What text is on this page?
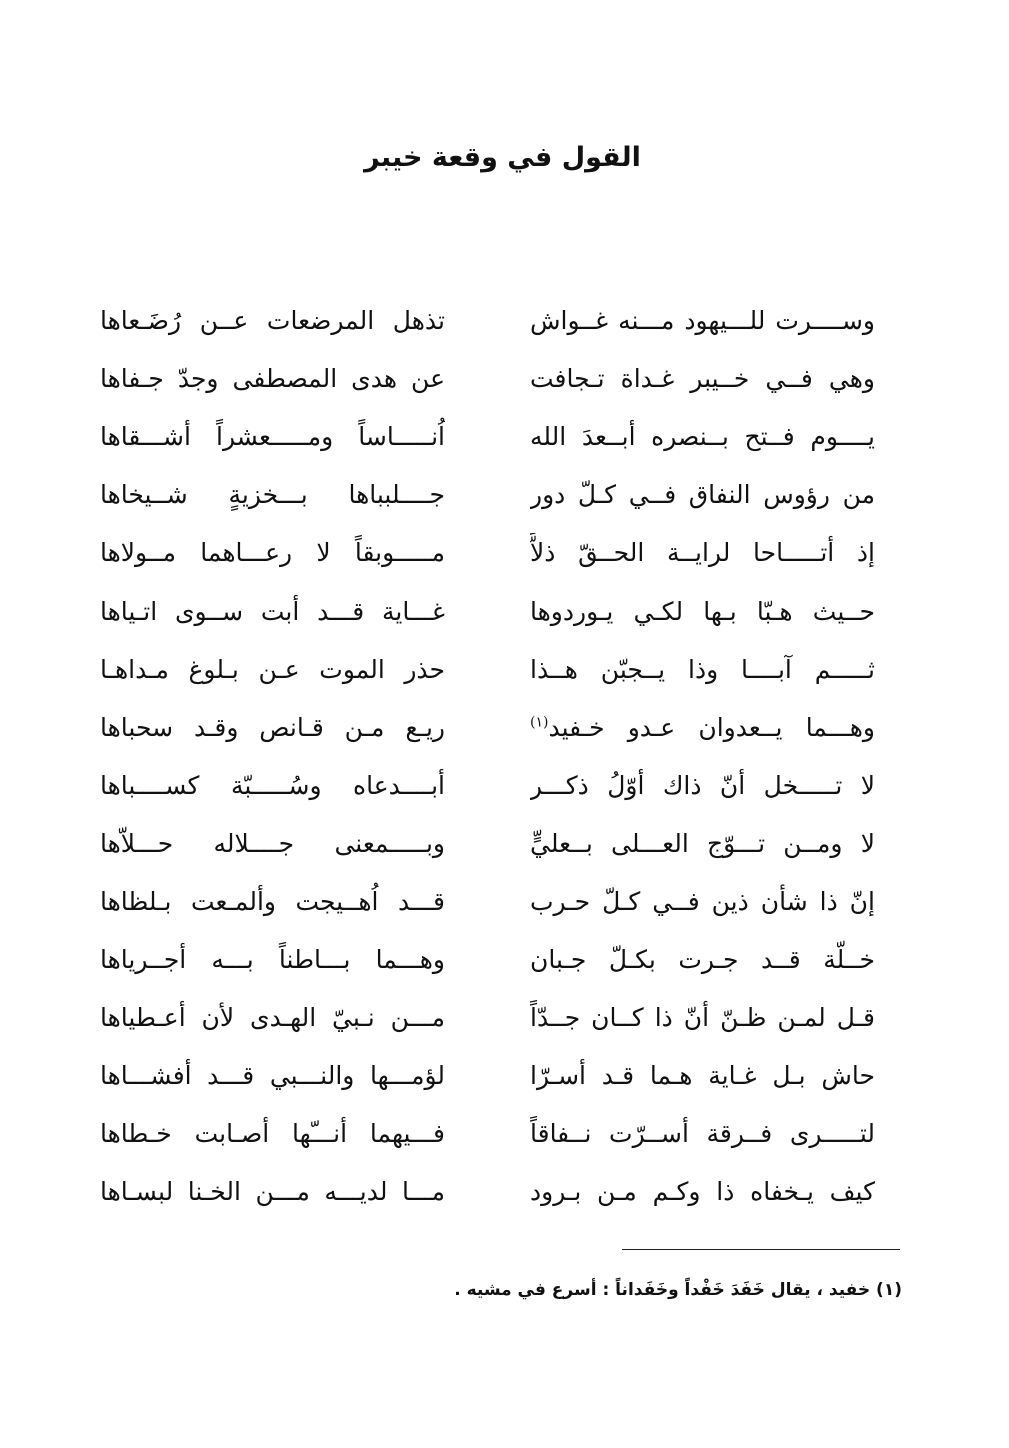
القول في وقعة خيبر
وســــرت للـــيهود مـــنه غــواش
تذهل المرضعات عــن رُضَـعاها
وهي فــي خــيبر غـداة تـجافت
عن هدى المصطفى وجدّ جـفاها
يــــوم فــتح بــنصره أبــعدَ الله
اُنـــــاساً ومـــــعشراً أشـــقاها
من رؤوس النفاق فــي كـلّ دور
جــــلبباها بـــخزيةٍ شــيخاها
إذ أتـــــاحا لرايــة الحــقّ ذلاًّ
مـــــوبقاً لا رعـــاهما مــولاها
حــيث هـبّا بـها لكـي يـوردوها
غـــاية قـــد أبت ســوى اتـياها
ثـــــم آبــــا وذا يــجبّن هــذا
حذر الموت عـن بـلوغ مـداهـا
وهـــما يــعدوان عـدو خـفيد$^{(١)}$
ريـع مـن قـانص وقـد سحباها
لا تـــــخل أنّ ذاك أوّلُ ذكـــر
أبــــدعاه وسُـــــبّة كســــباها
لا ومــن تـــوّج العـــلى بــعليٍّ
وبـــــمعنى جــــلاله حـــلاّها
إنّ ذا شأن ذين فــي كـلّ حـرب
قـــد اُهــيجت وألمـعت بـلظاها
خــلّة قــد جـرت بكـلّ جـبان
وهـــما بـــاطناً بـــه أجــرياها
قـل لمـن ظـنّ أنّ ذا كــان جــدّاً
مـــن نـبيّ الهـدى لأن أعـطياها
حاش بـل غـاية هـما قـد أسـرّا
لؤمـــها والنـــبي قـــد أفشـــاها
لتـــــرى فــرقة أســرّت نــفاقاً
فـــيهما أنـــّها أصـابت خـطاها
كيف يـخفاه ذا وكـم مـن بـرود
مـــا لديـــه مـــن الخـنا لبسـاها
(١) خفيد ، يقال خَفَدَ خَفْداً وخَفَداناً : أسرع في مشيه .
